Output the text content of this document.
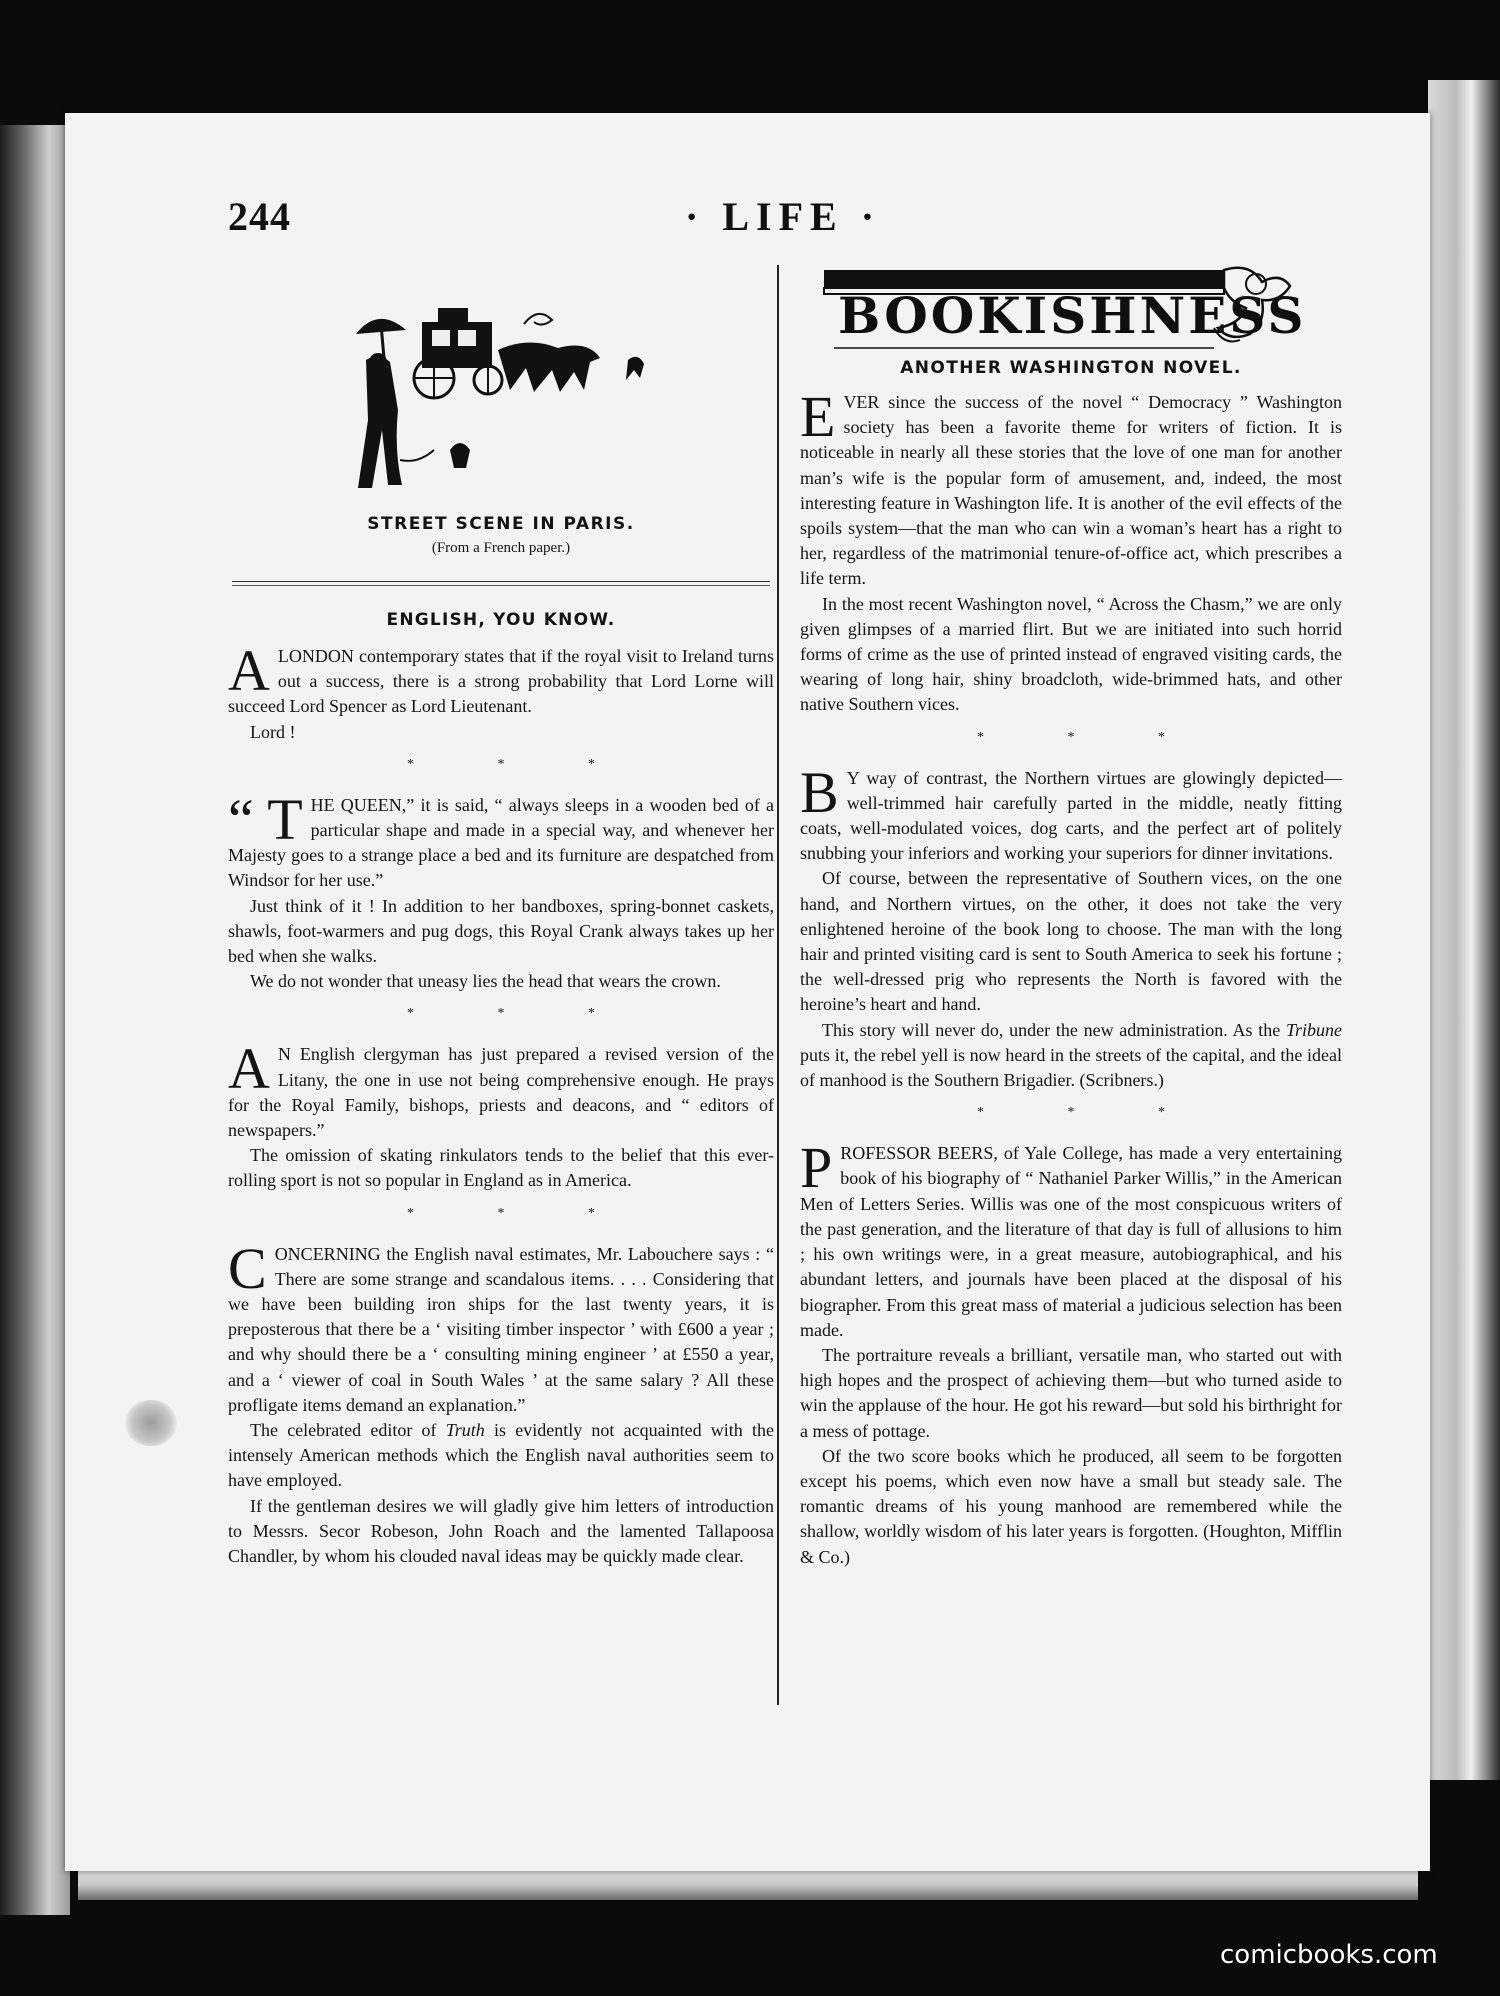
244	· LIFE ·

STREET SCENE IN PARIS.

(From a French paper.)

ENGLISH, YOU KNOW.

ALONDON contemporary states that if the royal visit to Ireland turns out a success, there is a strong probability that Lord Lorne will succeed Lord Spencer as Lord Lieutenant.

Lord !

* * *

“ T HE QUEEN,” it is said, “ always sleeps in a wooden bed of a particular shape and made in a special way, and whenever her Majesty goes to a strange place a bed and its furniture are despatched from Windsor for her use.”

Just think of it ! In addition to her bandboxes, spring-bonnet caskets, shawls, foot-warmers and pug dogs, this Royal Crank always takes up her bed when she walks.

We do not wonder that uneasy lies the head that wears the crown.

* * *

A N English clergyman has just prepared a revised version of the Litany, the one in use not being comprehensive enough. He prays for the Royal Family, bishops, priests and deacons, and “ editors of newspapers.”

The omission of skating rinkulators tends to the belief that this ever-rolling sport is not so popular in England as in America.

* * *

CONCERNING the English naval estimates, Mr. Labouchere says : “ There are some strange and scandalous items. . . . Considering that we have been building iron ships for the last twenty years, it is preposterous that there be a ‘ visiting timber inspector ’ with £600 a year ; and why should there be a ‘ consulting mining engineer ’ at £550 a year, and a ‘ viewer of coal in South Wales ’ at the same salary ? All these profligate items demand an explanation.”

The celebrated editor of Truth is evidently not acquainted with the intensely American methods which the English naval authorities seem to have employed.

If the gentleman desires we will gladly give him letters of introduction to Messrs. Secor Robeson, John Roach and the lamented Tallapoosa Chandler, by whom his clouded naval ideas may be quickly made clear.

BOOKISHNESS

ANOTHER WASHINGTON NOVEL.

EVER since the success of the novel “ Democracy ” Washington society has been a favorite theme for writers of fiction. It is noticeable in nearly all these stories that the love of one man for another man’s wife is the popular form of amusement, and, indeed, the most interesting feature in Washington life. It is another of the evil effects of the spoils system—that the man who can win a woman’s heart has a right to her, regardless of the matrimonial tenure-of-office act, which prescribes a life term.

In the most recent Washington novel, “ Across the Chasm,” we are only given glimpses of a married flirt. But we are initiated into such horrid forms of crime as the use of printed instead of engraved visiting cards, the wearing of long hair, shiny broadcloth, wide-brimmed hats, and other native Southern vices.

* * *

B Y way of contrast, the Northern virtues are glowingly depicted—well-trimmed hair carefully parted in the middle, neatly fitting coats, well-modulated voices, dog carts, and the perfect art of politely snubbing your inferiors and working your superiors for dinner invitations.

Of course, between the representative of Southern vices, on the one hand, and Northern virtues, on the other, it does not take the very enlightened heroine of the book long to choose. The man with the long hair and printed visiting card is sent to South America to seek his fortune ; the well-dressed prig who represents the North is favored with the heroine’s heart and hand.

This story will never do, under the new administration. As the Tribune puts it, the rebel yell is now heard in the streets of the capital, and the ideal of manhood is the Southern Brigadier. (Scribners.)

* * *

PROFESSOR BEERS, of Yale College, has made a very entertaining book of his biography of “ Nathaniel Parker Willis,” in the American Men of Letters Series. Willis was one of the most conspicuous writers of the past generation, and the literature of that day is full of allusions to him ; his own writings were, in a great measure, autobiographical, and his abundant letters, and journals have been placed at the disposal of his biographer. From this great mass of material a judicious selection has been made.

The portraiture reveals a brilliant, versatile man, who started out with high hopes and the prospect of achieving them—but who turned aside to win the applause of the hour. He got his reward—but sold his birthright for a mess of pottage.

Of the two score books which he produced, all seem to be forgotten except his poems, which even now have a small but steady sale. The romantic dreams of his young manhood are remembered while the shallow, worldly wisdom of his later years is forgotten. (Houghton, Mifflin & Co.)

comicbooks.com
